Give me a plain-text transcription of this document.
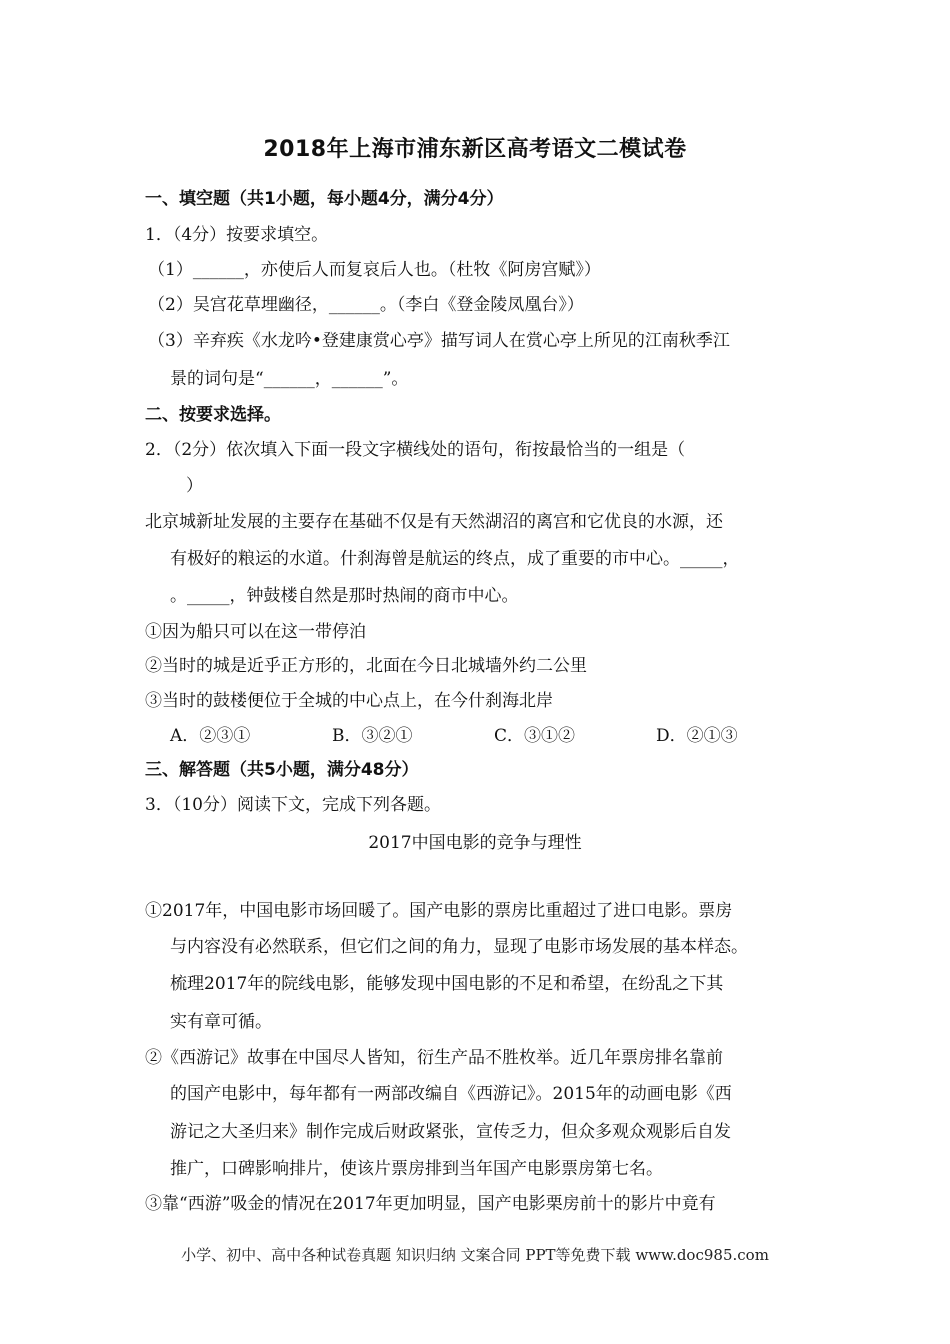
2018年上海市浦东新区高考语文二模试卷
一、填空题（共1小题，每小题4分，满分4分）
1．（4分）按要求填空。
（1）______，亦使后人而复哀后人也。（杜牧《阿房宫赋》）
（2）吴宫花草埋幽径，______。（李白《登金陵凤凰台》）
（3）辛弃疾《水龙吟•登建康赏心亭》描写词人在赏心亭上所见的江南秋季江
景的词句是“______，______”。
二、按要求选择。
2．（2分）依次填入下面一段文字横线处的语句，衔按最恰当的一组是（
）
北京城新址发展的主要存在基础不仅是有天然湖沼的离宫和它优良的水源，还
有极好的粮运的水道。什刹海曾是航运的终点，成了重要的市中心。_____，
。_____，钟鼓楼自然是那时热闹的商市中心。
①因为船只可以在这一带停泊
②当时的城是近乎正方形的，北面在今日北城墙外约二公里
③当时的鼓楼便位于全城的中心点上，在今什刹海北岸
A．②③①	B．③②①	C．③①②	D．②①③
三、解答题（共5小题，满分48分）
3．（10分）阅读下文，完成下列各题。
2017中国电影的竞争与理性
①2017年，中国电影市场回暖了。国产电影的票房比重超过了进口电影。票房
与内容没有必然联系，但它们之间的角力，显现了电影市场发展的基本样态。
梳理2017年的院线电影，能够发现中国电影的不足和希望，在纷乱之下其
实有章可循。
②《西游记》故事在中国尽人皆知，衍生产品不胜枚举。近几年票房排名靠前
的国产电影中，每年都有一两部改编自《西游记》。2015年的动画电影《西
游记之大圣归来》制作完成后财政紧张，宣传乏力，但众多观众观影后自发
推广，口碑影响排片，使该片票房排到当年国产电影票房第七名。
③靠“西游”吸金的情况在2017年更加明显，国产电影栗房前十的影片中竟有
小学、初中、高中各种试卷真题 知识归纳 文案合同 PPT等免费下载 www.doc985.com
